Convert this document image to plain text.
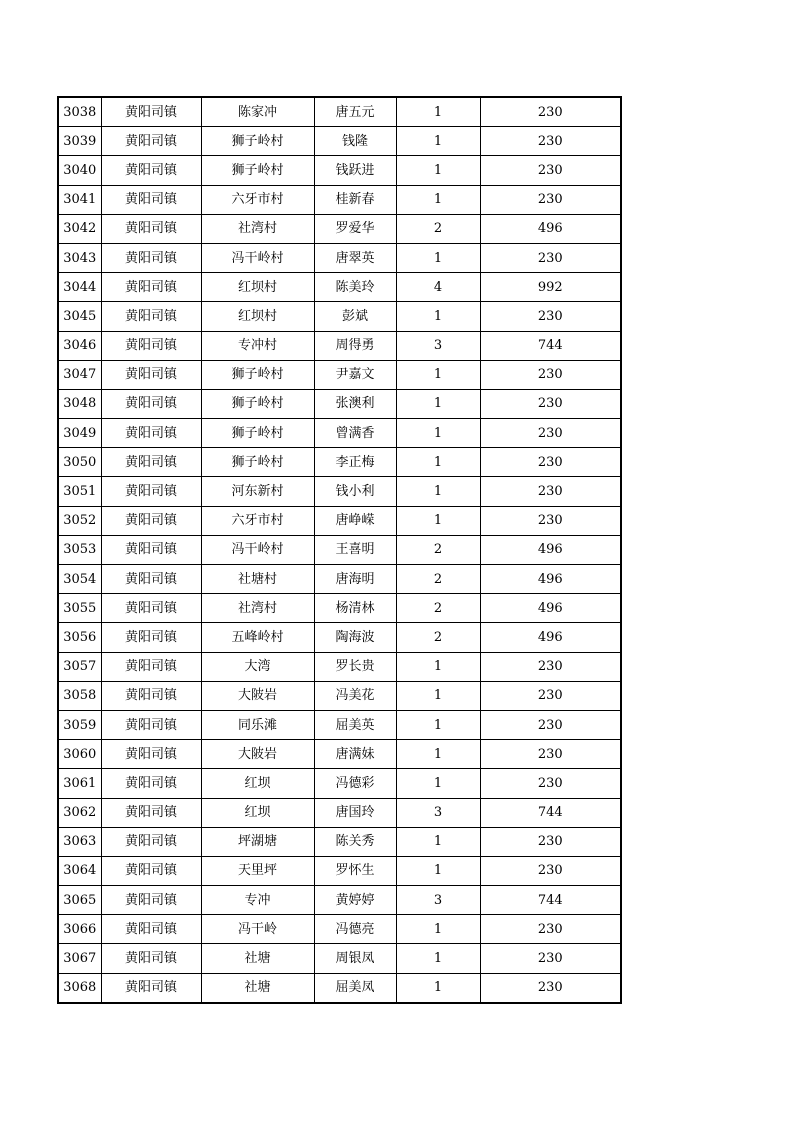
3038	黄阳司镇	陈家冲	唐五元	1	230
3039	黄阳司镇	狮子岭村	钱隆	1	230
3040	黄阳司镇	狮子岭村	钱跃进	1	230
3041	黄阳司镇	六牙市村	桂新春	1	230
3042	黄阳司镇	社湾村	罗爱华	2	496
3043	黄阳司镇	冯干岭村	唐翠英	1	230
3044	黄阳司镇	红坝村	陈美玲	4	992
3045	黄阳司镇	红坝村	彭斌	1	230
3046	黄阳司镇	专冲村	周得勇	3	744
3047	黄阳司镇	狮子岭村	尹嘉文	1	230
3048	黄阳司镇	狮子岭村	张澳利	1	230
3049	黄阳司镇	狮子岭村	曾满香	1	230
3050	黄阳司镇	狮子岭村	李正梅	1	230
3051	黄阳司镇	河东新村	钱小利	1	230
3052	黄阳司镇	六牙市村	唐峥嵘	1	230
3053	黄阳司镇	冯干岭村	王喜明	2	496
3054	黄阳司镇	社塘村	唐海明	2	496
3055	黄阳司镇	社湾村	杨清林	2	496
3056	黄阳司镇	五峰岭村	陶海波	2	496
3057	黄阳司镇	大湾	罗长贵	1	230
3058	黄阳司镇	大陂岩	冯美花	1	230
3059	黄阳司镇	同乐滩	屈美英	1	230
3060	黄阳司镇	大陂岩	唐满妹	1	230
3061	黄阳司镇	红坝	冯德彩	1	230
3062	黄阳司镇	红坝	唐国玲	3	744
3063	黄阳司镇	坪湖塘	陈关秀	1	230
3064	黄阳司镇	天里坪	罗怀生	1	230
3065	黄阳司镇	专冲	黄婷婷	3	744
3066	黄阳司镇	冯干岭	冯德亮	1	230
3067	黄阳司镇	社塘	周银凤	1	230
3068	黄阳司镇	社塘	屈美凤	1	230
